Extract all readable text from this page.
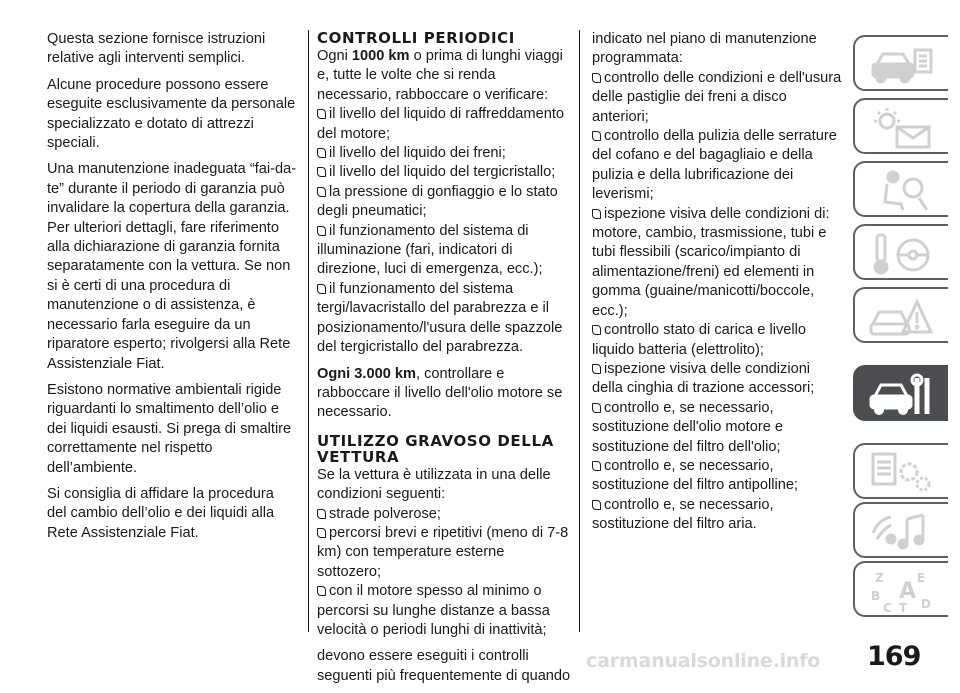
Questa sezione fornisce istruzioni relative agli interventi semplici.

Alcune procedure possono essere eseguite esclusivamente da personale specializzato e dotato di attrezzi speciali.

Una manutenzione inadeguata “fai-da-te” durante il periodo di garanzia può invalidare la copertura della garanzia. Per ulteriori dettagli, fare riferimento alla dichiarazione di garanzia fornita separatamente con la vettura. Se non si è certi di una procedura di manutenzione o di assistenza, è necessario farla eseguire da un riparatore esperto; rivolgersi alla Rete Assistenziale Fiat.

Esistono normative ambientali rigide riguardanti lo smaltimento dell’olio e dei liquidi esausti. Si prega di smaltire correttamente nel rispetto dell’ambiente.

Si consiglia di affidare la procedura del cambio dell’olio e dei liquidi alla Rete Assistenziale Fiat.

CONTROLLI PERIODICI
Ogni 1000 km o prima di lunghi viaggi e, tutte le volte che si renda necessario, rabboccare o verificare:
il livello del liquido di raffreddamento del motore;
il livello del liquido dei freni;
il livello del liquido del tergicristallo;
la pressione di gonfiaggio e lo stato degli pneumatici;
il funzionamento del sistema di illuminazione (fari, indicatori di direzione, luci di emergenza, ecc.);
il funzionamento del sistema tergi/lavacristallo del parabrezza e il posizionamento/l'usura delle spazzole del tergicristallo del parabrezza.

Ogni 3.000 km, controllare e rabboccare il livello dell'olio motore se necessario.

UTILIZZO GRAVOSO DELLA VETTURA
Se la vettura è utilizzata in una delle condizioni seguenti:
strade polverose;
percorsi brevi e ripetitivi (meno di 7-8 km) con temperature esterne sottozero;
con il motore spesso al minimo o percorsi su lunghe distanze a bassa velocità o periodi lunghi di inattività;

devono essere eseguiti i controlli seguenti più frequentemente di quando

indicato nel piano di manutenzione programmata:
controllo delle condizioni e dell'usura delle pastiglie dei freni a disco anteriori;
controllo della pulizia delle serrature del cofano e del bagagliaio e della pulizia e della lubrificazione dei leverismi;
ispezione visiva delle condizioni di: motore, cambio, trasmissione, tubi e tubi flessibili (scarico/impianto di alimentazione/freni) ed elementi in gomma (guaine/manicotti/boccole, ecc.);
controllo stato di carica e livello liquido batteria (elettrolito);
ispezione visiva delle condizioni della cinghia di trazione accessori;
controllo e, se necessario, sostituzione dell'olio motore e sostituzione del filtro dell'olio;
controllo e, se necessario, sostituzione del filtro antipolline;
controllo e, se necessario, sostituzione del filtro aria.
Z	E
B A
C T D
169
carmanualsonline.info
